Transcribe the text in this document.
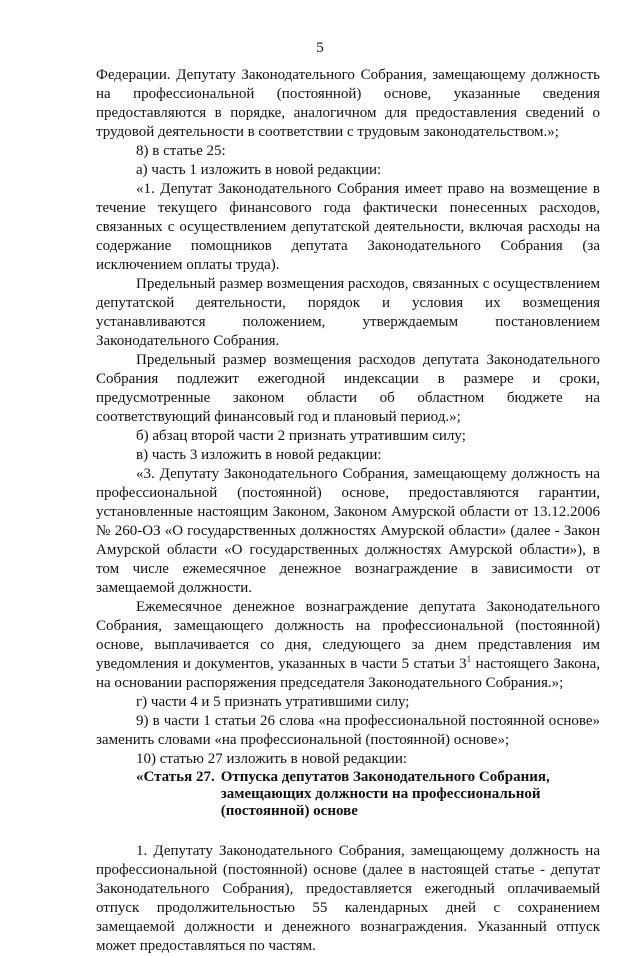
5

Федерации. Депутату Законодательного Собрания, замещающему должность на профессиональной (постоянной) основе, указанные сведения предоставляются в порядке, аналогичном для предоставления сведений о трудовой деятельности в соответствии с трудовым законодательством.»;

8) в статье 25:

а) часть 1 изложить в новой редакции:

«1. Депутат Законодательного Собрания имеет право на возмещение в течение текущего финансового года фактически понесенных расходов, связанных с осуществлением депутатской деятельности, включая расходы на содержание помощников депутата Законодательного Собрания (за исключением оплаты труда).

Предельный размер возмещения расходов, связанных с осуществлением депутатской деятельности, порядок и условия их возмещения устанавливаются положением, утверждаемым постановлением Законодательного Собрания.

Предельный размер возмещения расходов депутата Законодательного Собрания подлежит ежегодной индексации в размере и сроки, предусмотренные законом области об областном бюджете на соответствующий финансовый год и плановый период.»;

б) абзац второй части 2 признать утратившим силу;

в) часть 3 изложить в новой редакции:

«3. Депутату Законодательного Собрания, замещающему должность на профессиональной (постоянной) основе, предоставляются гарантии, установленные настоящим Законом, Законом Амурской области от 13.12.2006 № 260-ОЗ «О государственных должностях Амурской области» (далее - Закон Амурской области «О государственных должностях Амурской области»), в том числе ежемесячное денежное вознаграждение в зависимости от замещаемой должности.

Ежемесячное денежное вознаграждение депутата Законодательного Собрания, замещающего должность на профессиональной (постоянной) основе, выплачивается со дня, следующего за днем представления им уведомления и документов, указанных в части 5 статьи $3^1$ настоящего Закона, на основании распоряжения председателя Законодательного Собрания.»;

г) части 4 и 5 признать утратившими силу;

9) в части 1 статьи 26 слова «на профессиональной постоянной основе» заменить словами «на профессиональной (постоянной) основе»;

10) статью 27 изложить в новой редакции:

«Статья 27. Отпуска депутатов Законодательного Собрания, замещающих должности на профессиональной (постоянной) основе

1. Депутату Законодательного Собрания, замещающему должность на профессиональной (постоянной) основе (далее в настоящей статье - депутат Законодательного Собрания), предоставляется ежегодный оплачиваемый отпуск продолжительностью 55 календарных дней с сохранением замещаемой должности и денежного вознаграждения. Указанный отпуск может предоставляться по частям.
